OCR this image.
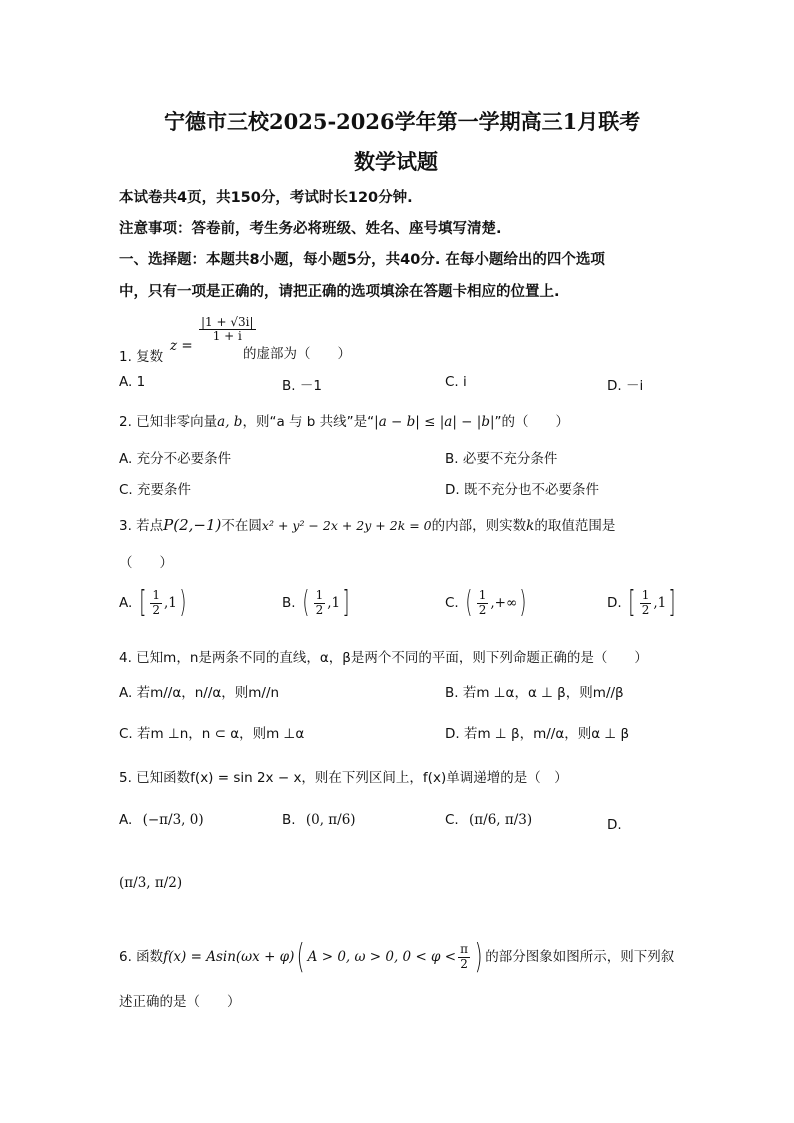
宁德市三校2025-2026学年第一学期高三1月联考
数学试题
本试卷共4页，共150分，考试时长120分钟.
注意事项：答卷前，考生务必将班级、姓名、座号填写清楚.
一、选择题：本题共8小题，每小题5分，共40分. 在每小题给出的四个选项
中，只有一项是正确的，请把正确的选项填涂在答题卡相应的位置上.
1. 复数
z =
$\frac{|1 + √3i|}{1 + i}$
的虚部为（　　）
A. 1	B. －1	C. i	D. －i
2. 已知非零向量a, b，则“a 与 b 共线”是“|a − b| ≤ |a| − |b|”的（　　）
A. 充分不必要条件	B. 必要不充分条件
C. 充要条件	D. 既不充分也不必要条件
3. 若点P(2,−1)不在圆x² + y² − 2x + 2y + 2k = 0的内部，则实数k的取值范围是
（　　）
A. [ $\frac{1}{2} ,1$)	B. ( $\frac{1}{2} ,1$]	C. ( $\frac{1}{2}$ ,+∞)	D. [ $\frac{1}{2} ,1$]
4. 已知m，n是两条不同的直线，α，β是两个不同的平面，则下列命题正确的是（　　）
A. 若m//α，n//α，则m//n	B. 若m ⊥α，α ⊥ β，则m//β
C. 若m ⊥n，n ⊂ α，则m ⊥α	D. 若m ⊥ β，m//α，则α ⊥ β
5. 已知函数f(x) = sin 2x − x，则在下列区间上，f(x)单调递增的是（　）
A. (−π/3, 0)	B. (0, π/6)	C. (π/6, π/3)	D.
(π/3, π/2)
6. 函数f(x) = Asin(ωx + φ)( A > 0, ω > 0, $0 < \varphi < \frac{\pi}{2}$ ) 的部分图象如图所示，则下列叙
述正确的是（　　）
